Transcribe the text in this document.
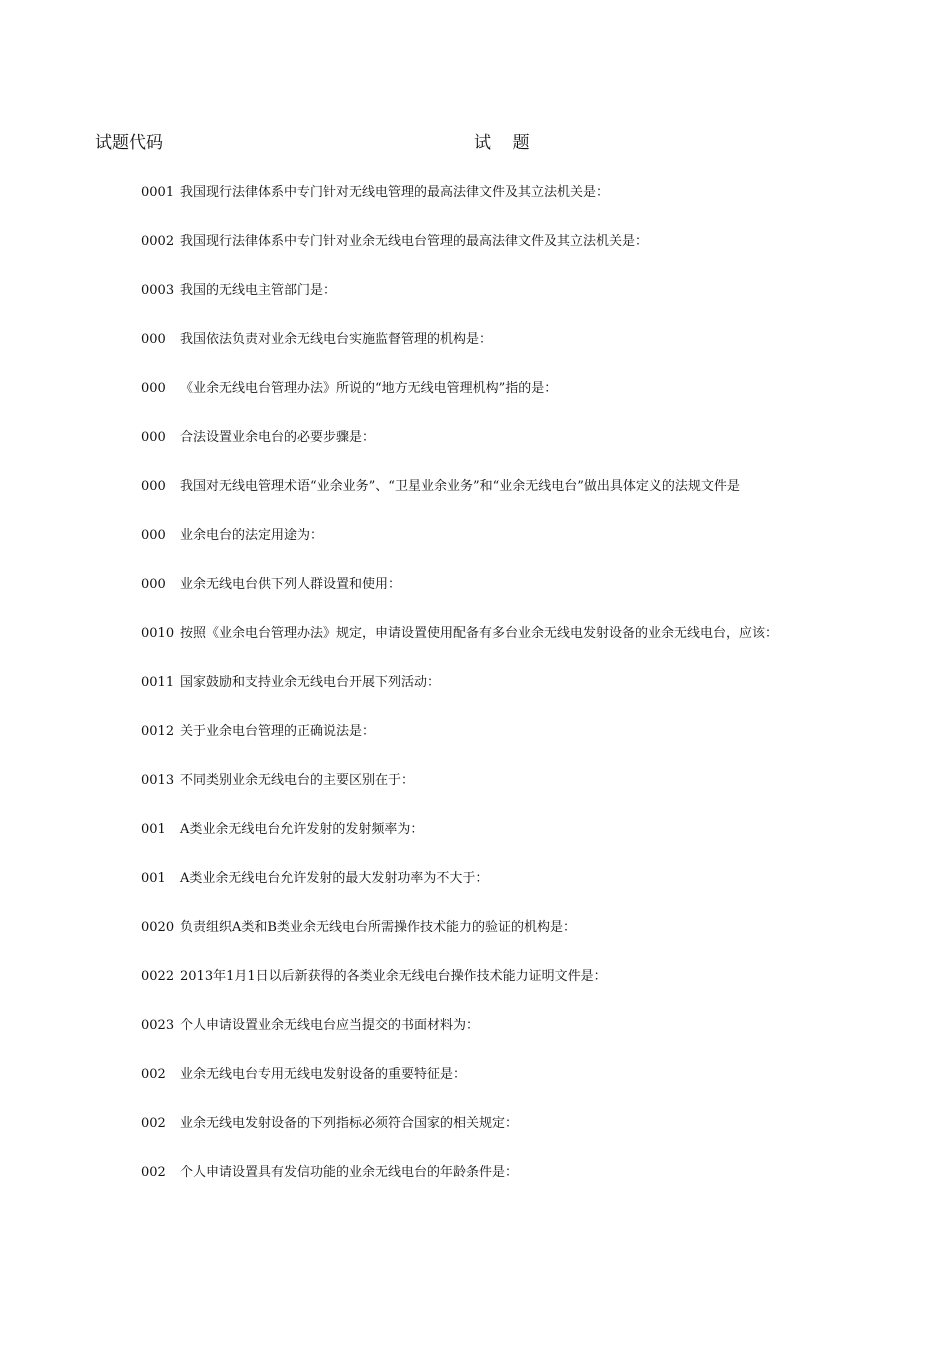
试题代码	试    题
0001 我国现行法律体系中专门针对无线电管理的最高法律文件及其立法机关是：
0002 我国现行法律体系中专门针对业余无线电台管理的最高法律文件及其立法机关是：
0003 我国的无线电主管部门是：
000	我国依法负责对业余无线电台实施监督管理的机构是：
000	《业余无线电台管理办法》所说的“地方无线电管理机构”指的是：
000	合法设置业余电台的必要步骤是：
000	我国对无线电管理术语“业余业务”、“卫星业余业务”和“业余无线电台”做出具体定义的法规文件是
000	业余电台的法定用途为：
000	业余无线电台供下列人群设置和使用：
0010 按照《业余电台管理办法》规定，申请设置使用配备有多台业余无线电发射设备的业余无线电台，应该：
0011 国家鼓励和支持业余无线电台开展下列活动：
0012 关于业余电台管理的正确说法是：
0013 不同类别业余无线电台的主要区别在于：
001	A类业余无线电台允许发射的发射频率为：
001	A类业余无线电台允许发射的最大发射功率为不大于：
0020 负责组织A类和B类业余无线电台所需操作技术能力的验证的机构是：
0022 2013年1月1日以后新获得的各类业余无线电台操作技术能力证明文件是：
0023 个人申请设置业余无线电台应当提交的书面材料为：
002	业余无线电台专用无线电发射设备的重要特征是：
002	业余无线电发射设备的下列指标必须符合国家的相关规定：
002	个人申请设置具有发信功能的业余无线电台的年龄条件是：
